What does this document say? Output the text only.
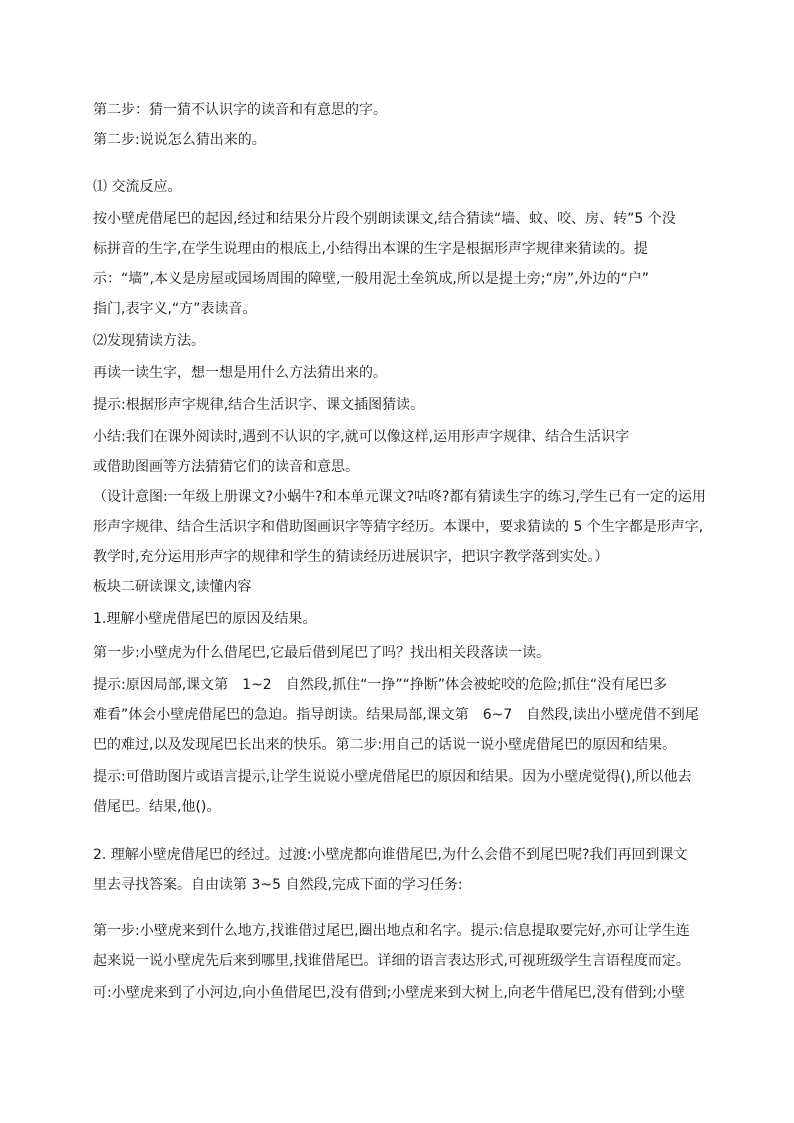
第二步：猜一猜不认识字的读音和有意思的字。
第二步:说说怎么猜出来的。
⑴ 交流反应。
按小壁虎借尾巴的起因,经过和结果分片段个别朗读课文,结合猜读“墙、蚊、咬、房、转”5 个没
标拼音的生字,在学生说理由的根底上,小结得出本课的生字是根据形声字规律来猜读的。提
示：“墙”,本义是房屋或园场周围的障壁,一般用泥土垒筑成,所以是提土旁;“房”,外边的“户”
指门,表字义,“方”表读音。
⑵发现猜读方法。
再读一读生字，想一想是用什么方法猜出来的。
提示:根据形声字规律,结合生活识字、课文插图猜读。
小结:我们在课外阅读时,遇到不认识的字,就可以像这样,运用形声字规律、结合生活识字
或借助图画等方法猜猜它们的读音和意思。
（设计意图:一年级上册课文?小蜗牛?和本单元课文?咕咚?都有猜读生字的练习,学生已有一定的运用
形声字规律、结合生活识字和借助图画识字等猜字经历。本课中，要求猜读的 5 个生字都是形声字,
教学时,充分运用形声字的规律和学生的猜读经历进展识字，把识字教学落到实处。）
板块二研读课文,读懂内容
1.理解小壁虎借尾巴的原因及结果。
第一步:小壁虎为什么借尾巴,它最后借到尾巴了吗？找出相关段落读一读。
提示:原因局部,课文第　1~2　自然段,抓住“一挣”“挣断”体会被蛇咬的危险;抓住“没有尾巴多
难看”体会小壁虎借尾巴的急迫。指导朗读。结果局部,课文第　6~7　自然段,读出小壁虎借不到尾
巴的难过,以及发现尾巴长出来的快乐。第二步:用自己的话说一说小壁虎借尾巴的原因和结果。
提示:可借助图片或语言提示,让学生说说小壁虎借尾巴的原因和结果。因为小壁虎觉得(),所以他去
借尾巴。结果,他()。
2. 理解小壁虎借尾巴的经过。过渡:小壁虎都向谁借尾巴,为什么会借不到尾巴呢?我们再回到课文
里去寻找答案。自由读第 3~5 自然段,完成下面的学习任务:
第一步:小壁虎来到什么地方,找谁借过尾巴,圈出地点和名字。提示:信息提取要完好,亦可让学生连
起来说一说小壁虎先后来到哪里,找谁借尾巴。详细的语言表达形式,可视班级学生言语程度而定。
可:小壁虎来到了小河边,向小鱼借尾巴,没有借到;小壁虎来到大树上,向老牛借尾巴,没有借到;小壁
